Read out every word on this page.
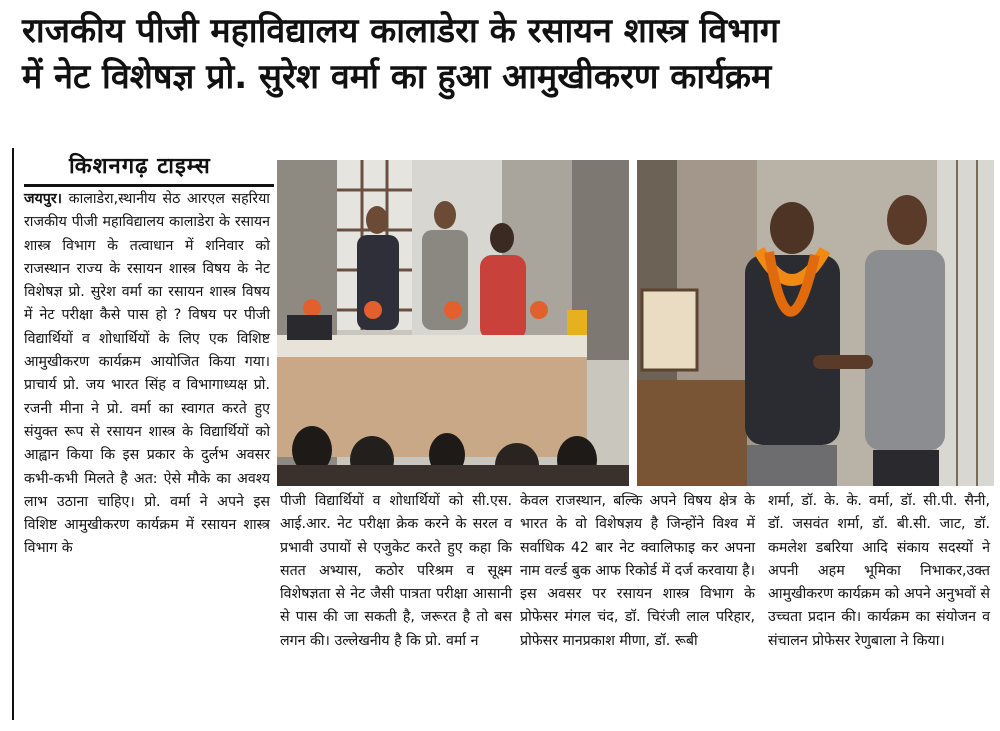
राजकीय पीजी महाविद्यालय कालाडेरा के रसायन शास्त्र विभाग
में नेट विशेषज्ञ प्रो. सुरेश वर्मा का हुआ आमुखीकरण कार्यक्रम
किशनगढ़ टाइम्स

जयपुर। कालाडेरा,स्थानीय सेठ आरएल सहरिया राजकीय पीजी महाविद्यालय कालाडेरा के रसायन शास्त्र विभाग के तत्वाधान में शनिवार को राजस्थान राज्य के रसायन शास्त्र विषय के नेट विशेषज्ञ प्रो. सुरेश वर्मा का रसायन शास्त्र विषय में नेट परीक्षा कैसे पास हो ? विषय पर पीजी विद्यार्थियों व शोधार्थियों के लिए एक विशिष्ट आमुखीकरण कार्यक्रम आयोजित किया गया। प्राचार्य प्रो. जय भारत सिंह व विभागाध्यक्ष प्रो. रजनी मीना ने प्रो. वर्मा का स्वागत करते हुए संयुक्त रूप से रसायन शास्त्र के विद्यार्थियों को आह्वान किया कि इस प्रकार के दुर्लभ अवसर कभी-कभी मिलते है अत: ऐसे मौके का अवश्य लाभ उठाना चाहिए। प्रो. वर्मा ने अपने इस विशिष्ट आमुखीकरण कार्यक्रम में रसायन शास्त्र विभाग के

पीजी विद्यार्थियों व शोधार्थियों को सी.एस. आई.आर. नेट परीक्षा क्रेक करने के सरल व प्रभावी उपायों से एजुकेट करते हुए कहा कि सतत अभ्यास, कठोर परिश्रम व सूक्ष्म विशेषज्ञता से नेट जैसी पात्रता परीक्षा आसानी से पास की जा सकती है, जरूरत है तो बस लगन की। उल्लेखनीय है कि प्रो. वर्मा न
केवल राजस्थान, बल्कि अपने विषय क्षेत्र के भारत के वो विशेषज्ञय है जिन्होंने विश्व में सर्वाधिक 42 बार नेट क्वालिफाइ कर अपना नाम वर्ल्ड बुक आफ रिकोर्ड में दर्ज करवाया है। इस अवसर पर रसायन शास्त्र विभाग के प्रोफेसर मंगल चंद, डॉ. चिरंजी लाल परिहार, प्रोफेसर मानप्रकाश मीणा, डॉ. रूबी
शर्मा, डॉ. के. के. वर्मा, डॉ. सी.पी. सैनी, डॉ. जसवंत शर्मा, डॉ. बी.सी. जाट, डॉ. कमलेश डबरिया आदि संकाय सदस्यों ने अपनी अहम भूमिका निभाकर,उक्त आमुखीकरण कार्यक्रम को अपने अनुभवों से उच्चता प्रदान की। कार्यक्रम का संयोजन व संचालन प्रोफेसर रेणुबाला ने किया।
